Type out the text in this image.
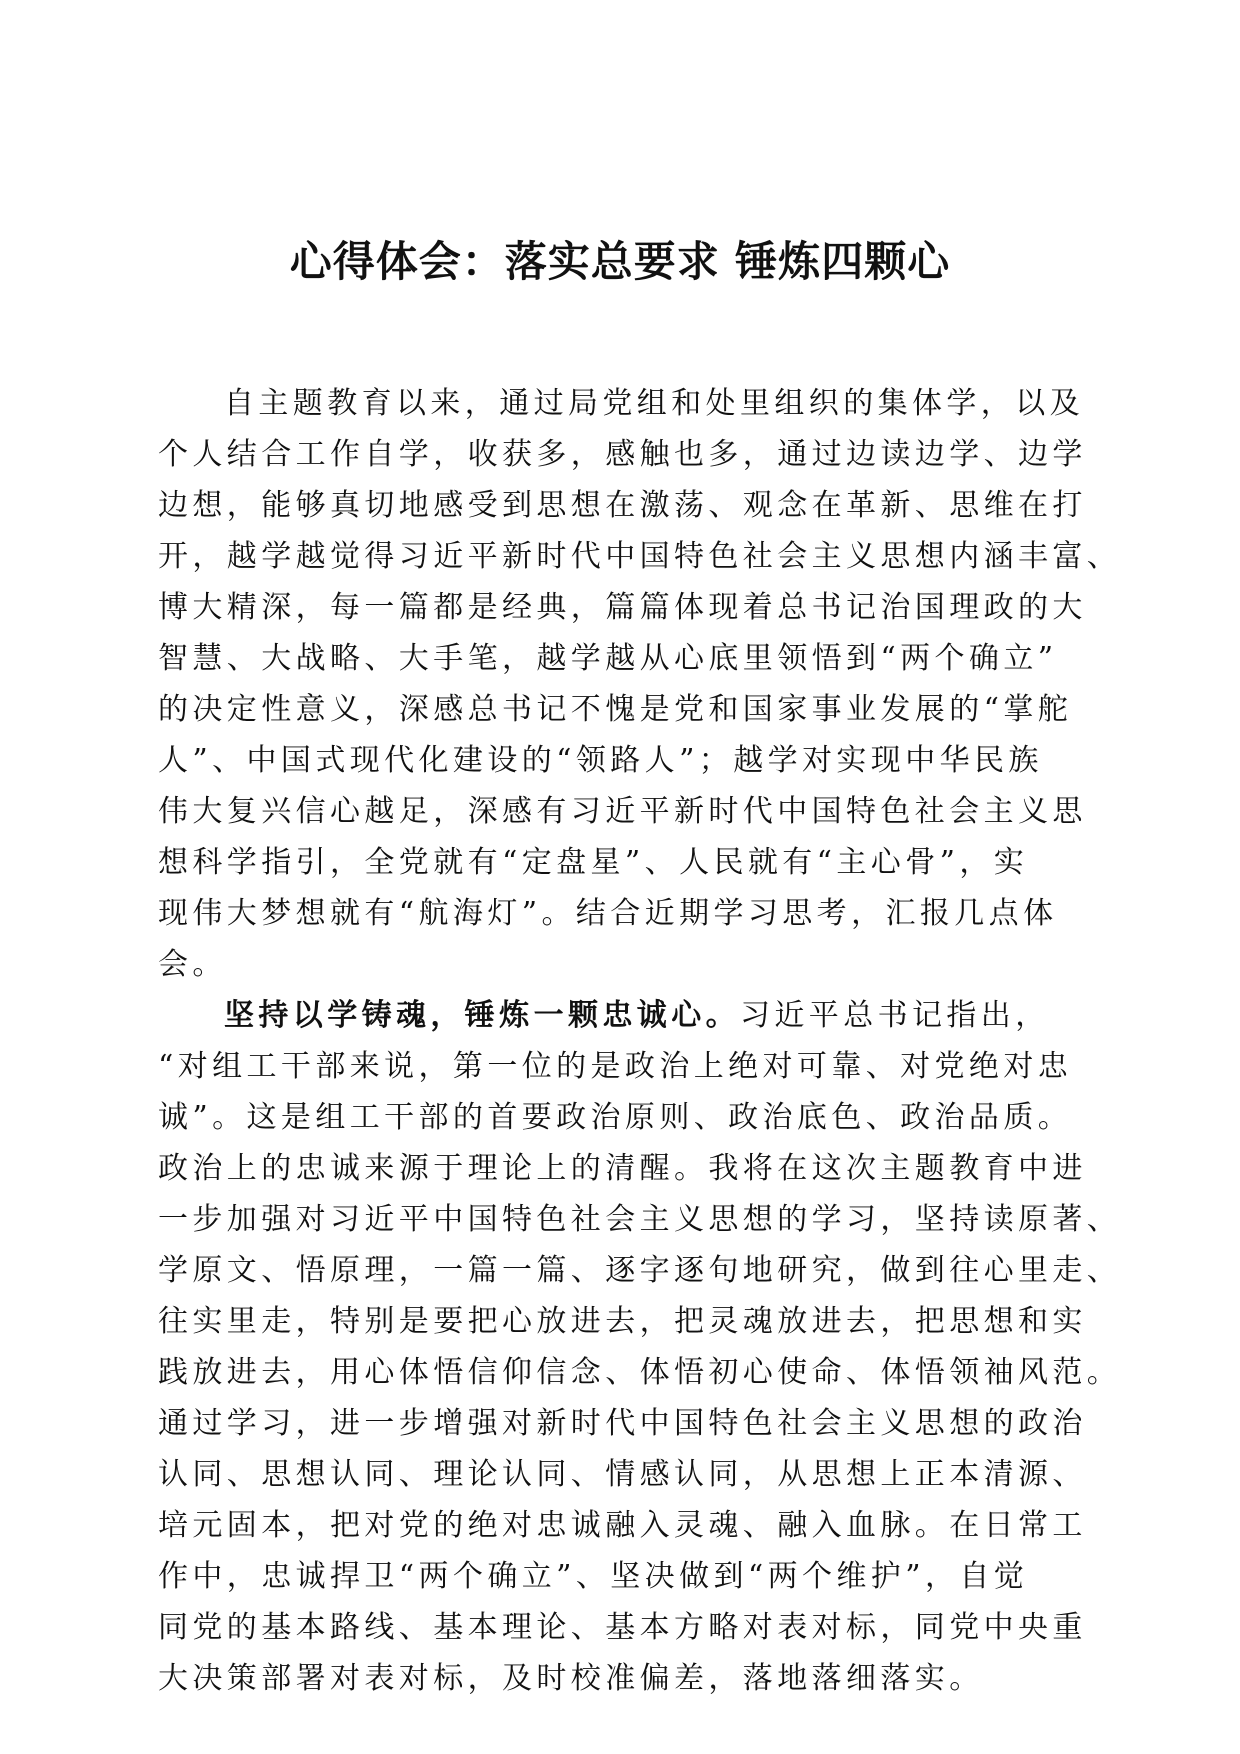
心得体会：落实总要求 锤炼四颗心
自主题教育以来，通过局党组和处里组织的集体学，以及
个人结合工作自学，收获多，感触也多，通过边读边学、边学
边想，能够真切地感受到思想在激荡、观念在革新、思维在打
开，越学越觉得习近平新时代中国特色社会主义思想内涵丰富、
博大精深，每一篇都是经典，篇篇体现着总书记治国理政的大
智慧、大战略、大手笔，越学越从心底里领悟到“两个确立”
的决定性意义，深感总书记不愧是党和国家事业发展的“掌舵
人”、中国式现代化建设的“领路人”；越学对实现中华民族
伟大复兴信心越足，深感有习近平新时代中国特色社会主义思
想科学指引，全党就有“定盘星”、人民就有“主心骨”，实
现伟大梦想就有“航海灯”。结合近期学习思考，汇报几点体
会。
坚持以学铸魂，锤炼一颗忠诚心。习近平总书记指出，
“对组工干部来说，第一位的是政治上绝对可靠、对党绝对忠
诚”。这是组工干部的首要政治原则、政治底色、政治品质。
政治上的忠诚来源于理论上的清醒。我将在这次主题教育中进
一步加强对习近平中国特色社会主义思想的学习，坚持读原著、
学原文、悟原理，一篇一篇、逐字逐句地研究，做到往心里走、
往实里走，特别是要把心放进去，把灵魂放进去，把思想和实
践放进去，用心体悟信仰信念、体悟初心使命、体悟领袖风范。
通过学习，进一步增强对新时代中国特色社会主义思想的政治
认同、思想认同、理论认同、情感认同，从思想上正本清源、
培元固本，把对党的绝对忠诚融入灵魂、融入血脉。在日常工
作中，忠诚捍卫“两个确立”、坚决做到“两个维护”，自觉
同党的基本路线、基本理论、基本方略对表对标，同党中央重
大决策部署对表对标，及时校准偏差，落地落细落实。
